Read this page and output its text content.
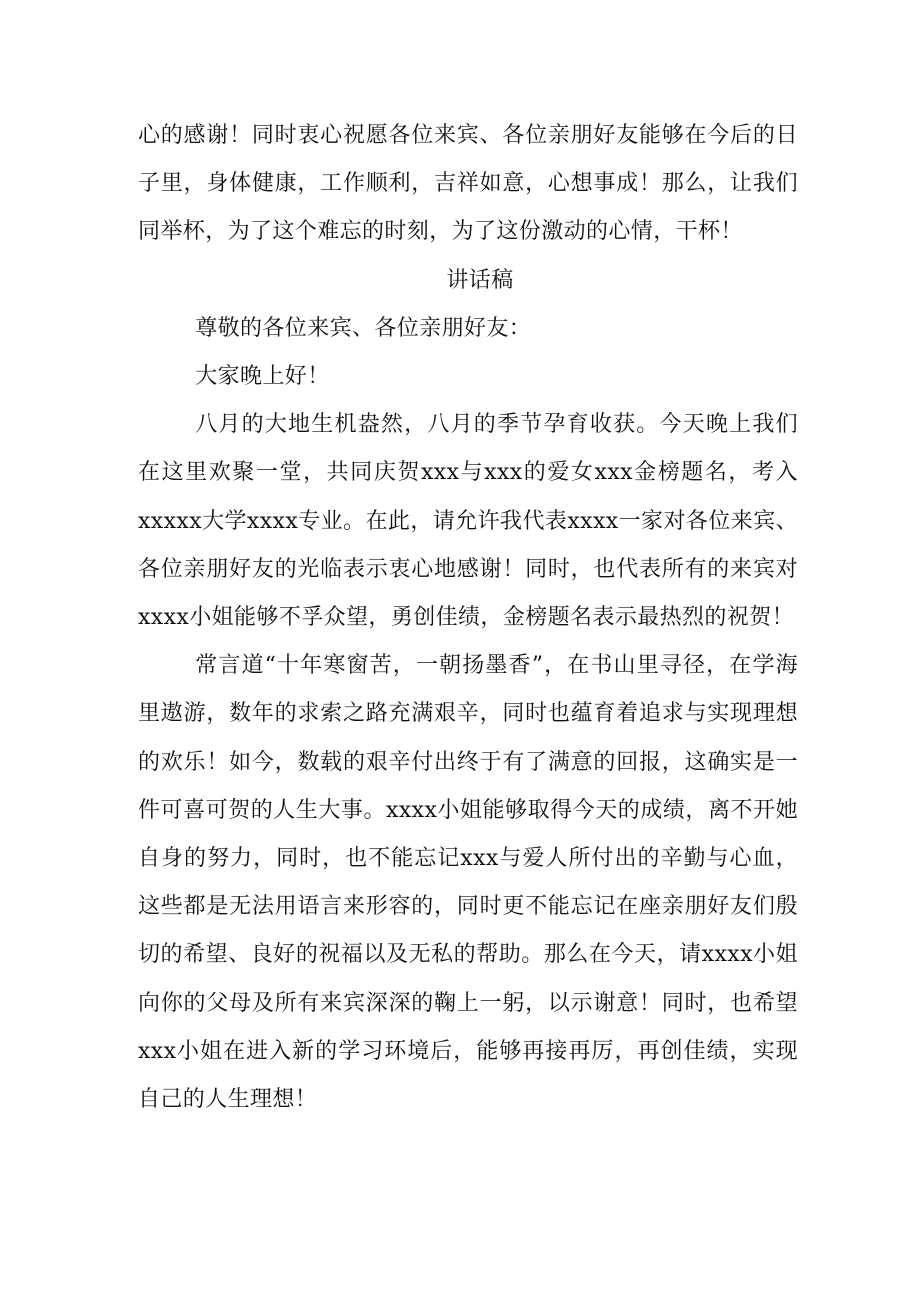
心的感谢！同时衷心祝愿各位来宾、各位亲朋好友能够在今后的日子里，身体健康，工作顺利，吉祥如意，心想事成！那么，让我们同举杯，为了这个难忘的时刻，为了这份激动的心情，干杯！

讲话稿

尊敬的各位来宾、各位亲朋好友：

大家晚上好！

八月的大地生机盎然，八月的季节孕育收获。今天晚上我们在这里欢聚一堂，共同庆贺xxx与xxx的爱女xxx金榜题名，考入xxxxx大学xxxx专业。在此，请允许我代表xxxx一家对各位来宾、各位亲朋好友的光临表示衷心地感谢！同时，也代表所有的来宾对xxxx小姐能够不孚众望，勇创佳绩，金榜题名表示最热烈的祝贺！

常言道“十年寒窗苦，一朝扬墨香”，在书山里寻径，在学海里遨游，数年的求索之路充满艰辛，同时也蕴育着追求与实现理想的欢乐！如今，数载的艰辛付出终于有了满意的回报，这确实是一件可喜可贺的人生大事。xxxx小姐能够取得今天的成绩，离不开她自身的努力，同时，也不能忘记xxx与爱人所付出的辛勤与心血，这些都是无法用语言来形容的，同时更不能忘记在座亲朋好友们殷切的希望、良好的祝福以及无私的帮助。那么在今天，请xxxx小姐向你的父母及所有来宾深深的鞠上一躬，以示谢意！同时，也希望xxx小姐在进入新的学习环境后，能够再接再厉，再创佳绩，实现自己的人生理想！
